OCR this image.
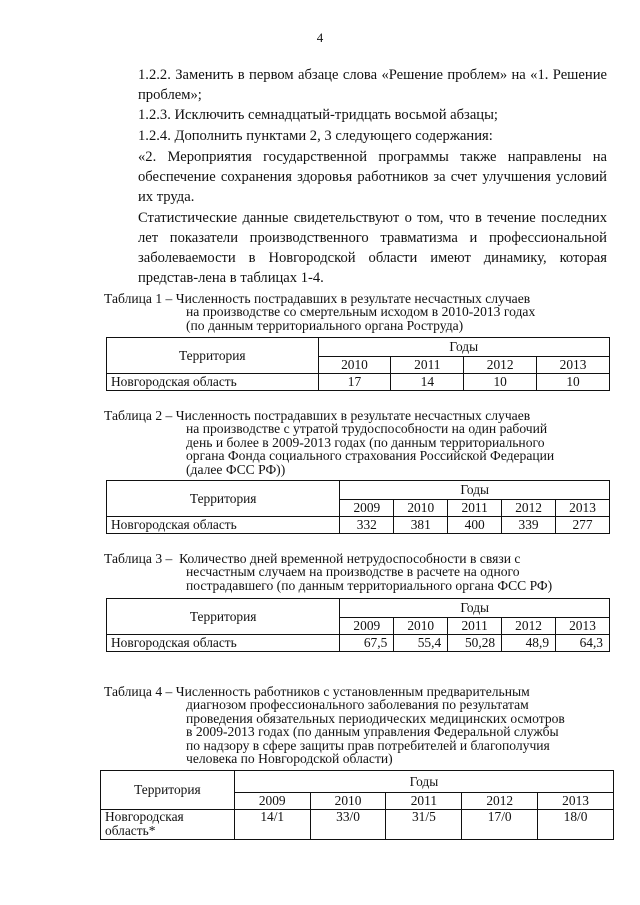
4
1.2.2. Заменить в первом абзаце слова «Решение проблем» на «1. Решение проблем»;
1.2.3. Исключить семнадцатый-тридцать восьмой абзацы;
1.2.4. Дополнить пунктами 2, 3 следующего содержания:
«2. Мероприятия государственной программы также направлены на обеспечение сохранения здоровья работников за счет улучшения условий их труда.
Статистические данные свидетельствуют о том, что в течение последних лет показатели производственного травматизма и профессиональной заболеваемости в Новгородской области имеют динамику, которая представ-лена в таблицах 1-4.
Таблица 1 – Численность пострадавших в результате несчастных случаев
на производстве со смертельным исходом в 2010-2013 годах
(по данным территориального органа Роструда)
Территория	Годы			
	2010	2011	2012	2013
Новгородская область	17	14	10	10
Таблица 2 – Численность пострадавших в результате несчастных случаев
на производстве с утратой трудоспособности на один рабочий
день и более в 2009-2013 годах (по данным территориального
органа Фонда социального страхования Российской Федерации
(далее ФСС РФ))
Территория	Годы				
	2009	2010	2011	2012	2013
Новгородская область	332	381	400	339	277
Таблица 3 – Количество дней временной нетрудоспособности в связи с
несчастным случаем на производстве в расчете на одного
пострадавшего (по данным территориального органа ФСС РФ)
Территория	Годы				
	2009	2010	2011	2012	2013
Новгородская область	67,5	55,4	50,28	48,9	64,3
Таблица 4 – Численность работников с установленным предварительным
диагнозом профессионального заболевания по результатам
проведения обязательных периодических медицинских осмотров
в 2009-2013 годах (по данным управления Федеральной службы
по надзору в сфере защиты прав потребителей и благополучия
человека по Новгородской области)
Территория	Годы				
	2009	2010	2011	2012	2013

Новгородская
область*	14/1	33/0	31/5	17/0	18/0
